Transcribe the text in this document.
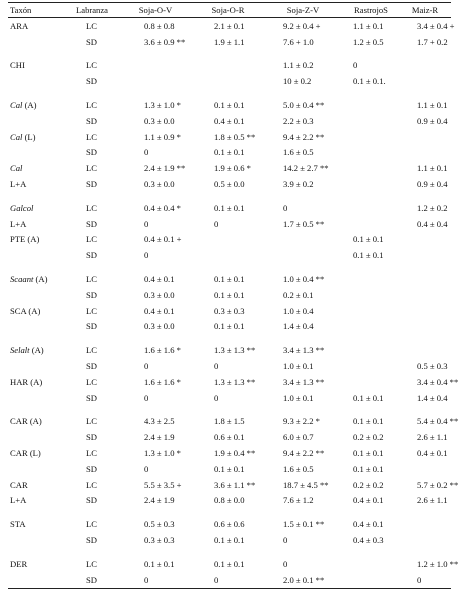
Taxón	Labranza	Soja-O-V	Soja-O-R	Soja-Z-V	RastrojoS	Maiz-R
ARA	LC	0.8 ± 0.8	2.1 ± 0.1	9.2 ± 0.4 +	1.1 ± 0.1	3.4 ± 0.4 +
	SD	3.6 ± 0.9 **	1.9 ± 1.1	7.6 + 1.0	1.2 ± 0.5	1.7 + 0.2

CHI	LC			1.1 ± 0.2	0	
	SD			10 ± 0.2	0.1 ± 0.1.	

Cal (A)	LC	1.3 ± 1.0 *	0.1 ± 0.1	5.0 ± 0.4 **		1.1 ± 0.1
	SD	0.3 ± 0.0	0.4 ± 0.1	2.2 ± 0.3		0.9 ± 0.4
Cal (L)	LC	1.1 ± 0.9 *	1.8 ± 0.5 **	9.4 ± 2.2 **		
	SD	0	0.1 ± 0.1	1.6 ± 0.5		
Cal	LC	2.4 ± 1.9 **	1.9 ± 0.6 *	14.2 ± 2.7 **		1.1 ± 0.1
L+A	SD	0.3 ± 0.0	0.5 ± 0.0	3.9 ± 0.2		0.9 ± 0.4

Galcol	LC	0.4 ± 0.4 *	0.1 ± 0.1	0		1.2 ± 0.2
L+A	SD	0	0	1.7 ± 0.5 **		0.4 ± 0.4
PTE (A)	LC	0.4 ± 0.1 +			0.1 ± 0.1	
	SD	0			0.1 ± 0.1	

Scaant (A)	LC	0.4 ± 0.1	0.1 ± 0.1	1.0 ± 0.4 **		
	SD	0.3 ± 0.0	0.1 ± 0.1	0.2 ± 0.1		
SCA (A)	LC	0.4 ± 0.1	0.3 ± 0.3	1.0 ± 0.4		
	SD	0.3 ± 0.0	0.1 ± 0.1	1.4 ± 0.4		

Selalt (A)	LC	1.6 ± 1.6 *	1.3 ± 1.3 **	3.4 ± 1.3 **		
	SD	0	0	1.0 ± 0.1		0.5 ± 0.3
HAR (A)	LC	1.6 ± 1.6 *	1.3 ± 1.3 **	3.4 ± 1.3 **		3.4 ± 0.4 **
	SD	0	0	1.0 ± 0.1	0.1 ± 0.1	1.4 ± 0.4

CAR (A)	LC	4.3 ± 2.5	1.8 ± 1.5	9.3 ± 2.2 *	0.1 ± 0.1	5.4 ± 0.4 **
	SD	2.4 ± 1.9	0.6 ± 0.1	6.0 ± 0.7	0.2 ± 0.2	2.6 ± 1.1
CAR (L)	LC	1.3 ± 1.0 *	1.9 ± 0.4 **	9.4 ± 2.2 **	0.1 ± 0.1	0.4 ± 0.1
	SD	0	0.1 ± 0.1	1.6 ± 0.5	0.1 ± 0.1	
CAR	LC	5.5 ± 3.5 +	3.6 ± 1.1 **	18.7 ± 4.5 **	0.2 ± 0.2	5.7 ± 0.2 **
L+A	SD	2.4 ± 1.9	0.8 ± 0.0	7.6 ± 1.2	0.4 ± 0.1	2.6 ± 1.1

STA	LC	0.5 ± 0.3	0.6 ± 0.6	1.5 ± 0.1 **	0.4 ± 0.1	
	SD	0.3 ± 0.3	0.1 ± 0.1	0	0.4 ± 0.3	

DER	LC	0.1 ± 0.1	0.1 ± 0.1	0		1.2 ± 1.0 **
	SD	0	0	2.0 ± 0.1 **		0
